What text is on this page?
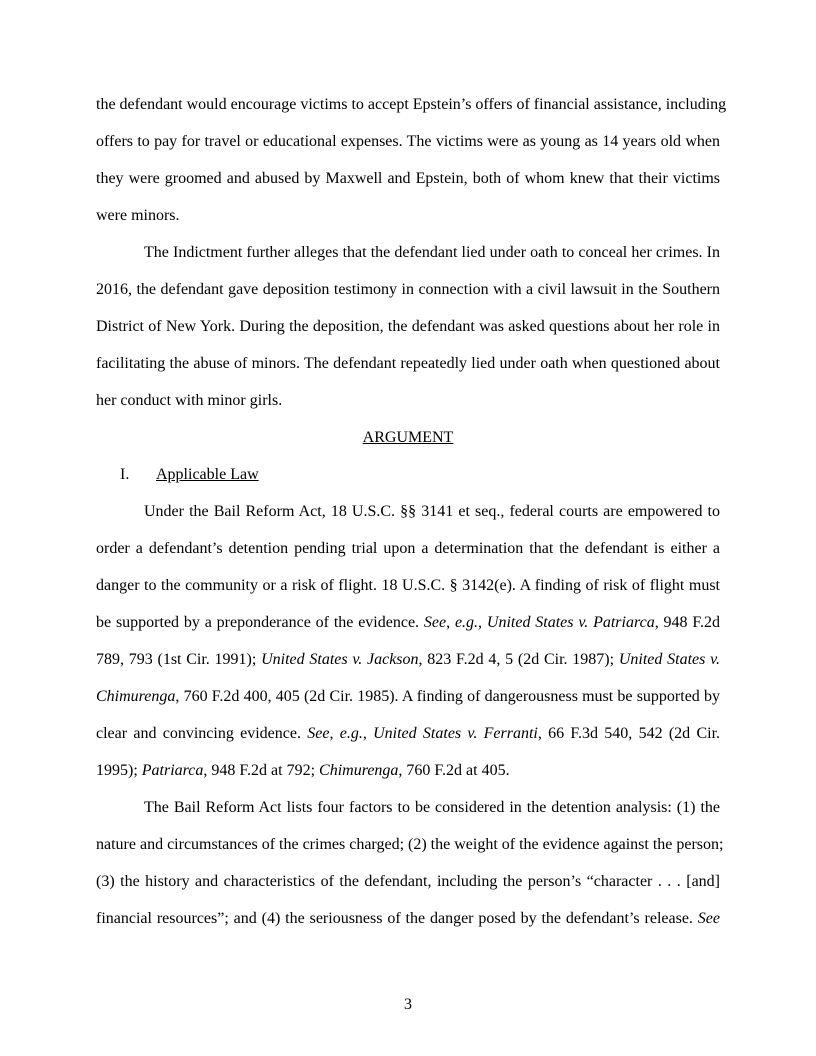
the defendant would encourage victims to accept Epstein’s offers of financial assistance, including
offers to pay for travel or educational expenses. The victims were as young as 14 years old when
they were groomed and abused by Maxwell and Epstein, both of whom knew that their victims
were minors.
The Indictment further alleges that the defendant lied under oath to conceal her crimes. In
2016, the defendant gave deposition testimony in connection with a civil lawsuit in the Southern
District of New York. During the deposition, the defendant was asked questions about her role in
facilitating the abuse of minors. The defendant repeatedly lied under oath when questioned about
her conduct with minor girls.
ARGUMENT
I. Applicable Law
Under the Bail Reform Act, 18 U.S.C. §§ 3141 et seq., federal courts are empowered to
order a defendant’s detention pending trial upon a determination that the defendant is either a
danger to the community or a risk of flight. 18 U.S.C. § 3142(e). A finding of risk of flight must
be supported by a preponderance of the evidence. See, e.g., United States v. Patriarca, 948 F.2d
789, 793 (1st Cir. 1991); United States v. Jackson, 823 F.2d 4, 5 (2d Cir. 1987); United States v.
Chimurenga, 760 F.2d 400, 405 (2d Cir. 1985). A finding of dangerousness must be supported by
clear and convincing evidence. See, e.g., United States v. Ferranti, 66 F.3d 540, 542 (2d Cir.
1995); Patriarca, 948 F.2d at 792; Chimurenga, 760 F.2d at 405.
The Bail Reform Act lists four factors to be considered in the detention analysis: (1) the
nature and circumstances of the crimes charged; (2) the weight of the evidence against the person;
(3) the history and characteristics of the defendant, including the person’s “character . . . [and]
financial resources”; and (4) the seriousness of the danger posed by the defendant’s release. See
3
